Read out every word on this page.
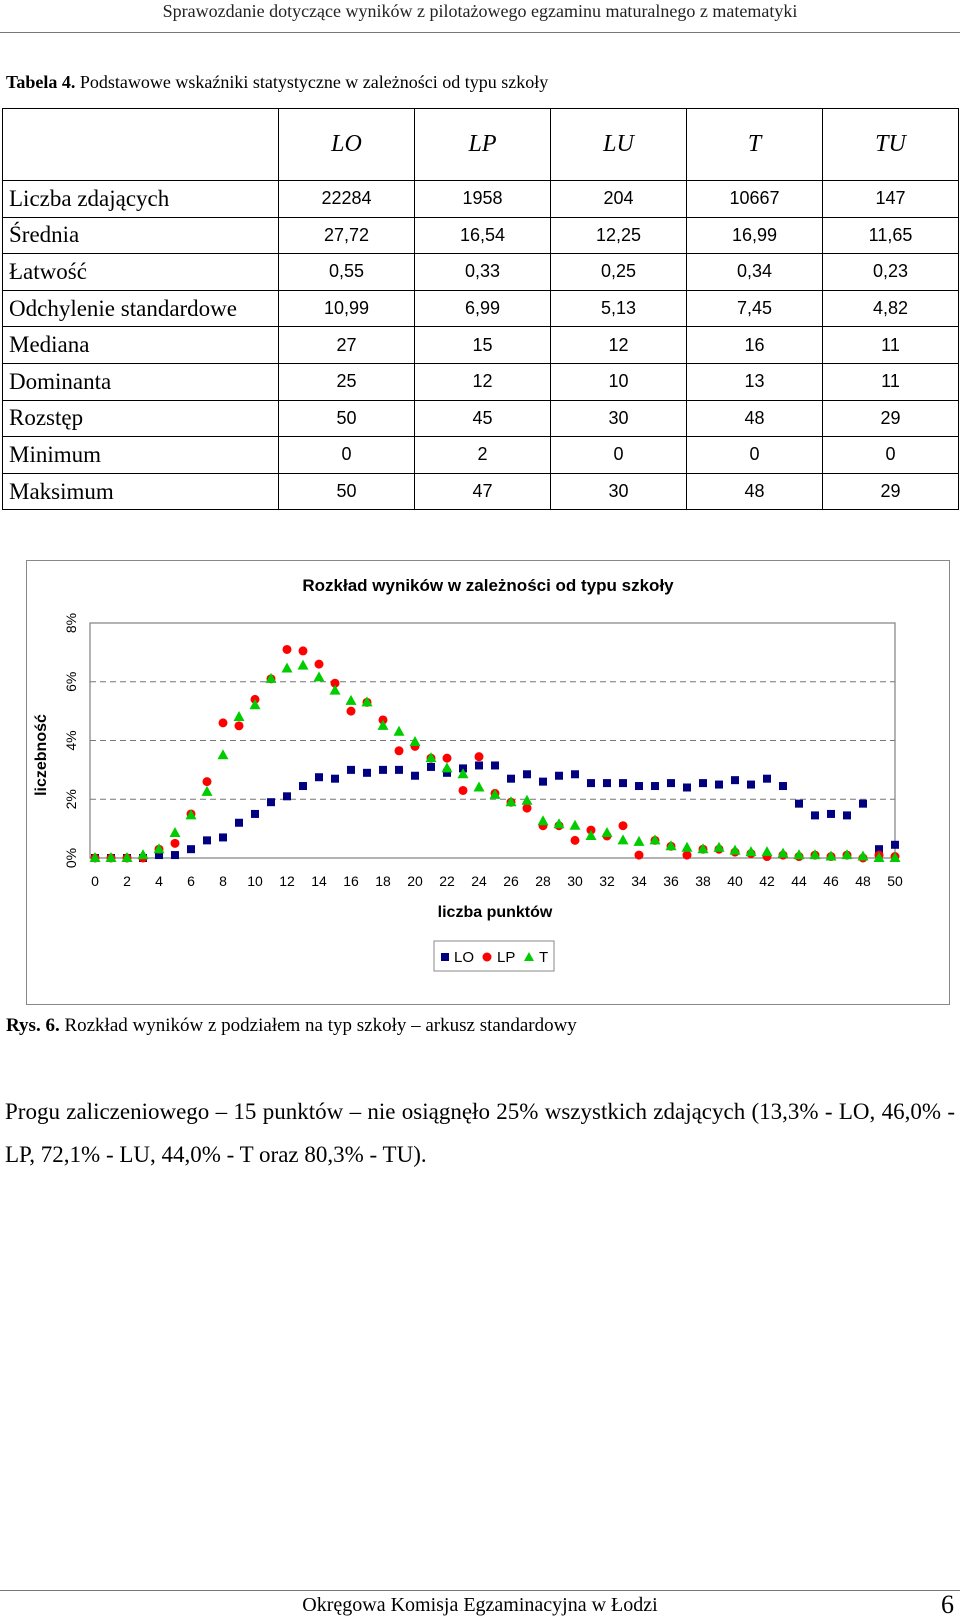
Sprawozdanie dotyczące wyników z pilotażowego egzaminu maturalnego z matematyki
Tabela 4. Podstawowe wskaźniki statystyczne w zależności od typu szkoły
	LO	LP	LU	T	TU
Liczba zdających	22284	1958	204	10667	147
Średnia	27,72	16,54	12,25	16,99	11,65
Łatwość	0,55	0,33	0,25	0,34	0,23
Odchylenie standardowe	10,99	6,99	5,13	7,45	4,82
Mediana	27	15	12	16	11
Dominanta	25	12	10	13	11
Rozstęp	50	45	30	48	29
Minimum	0	2	0	0	0
Maksimum	50	47	30	48	29
Rozkład wyników w zależności od typu szkoły
0%
2%
4%
6%
8%
0 2 4 6 8 10 12 14 16 18 20 22 24 26 28 30 32 34 36 38 40 42 44 46 48 50
liczebność
liczba punktów
LO LP T
Rys. 6. Rozkład wyników z podziałem na typ szkoły – arkusz standardowy
Progu zaliczeniowego – 15 punktów – nie osiągnęło 25% wszystkich zdających (13,3% - LO, 46,0% - LP, 72,1% - LU, 44,0% - T oraz 80,3% - TU).
Okręgowa Komisja Egzaminacyjna w Łodzi	6
